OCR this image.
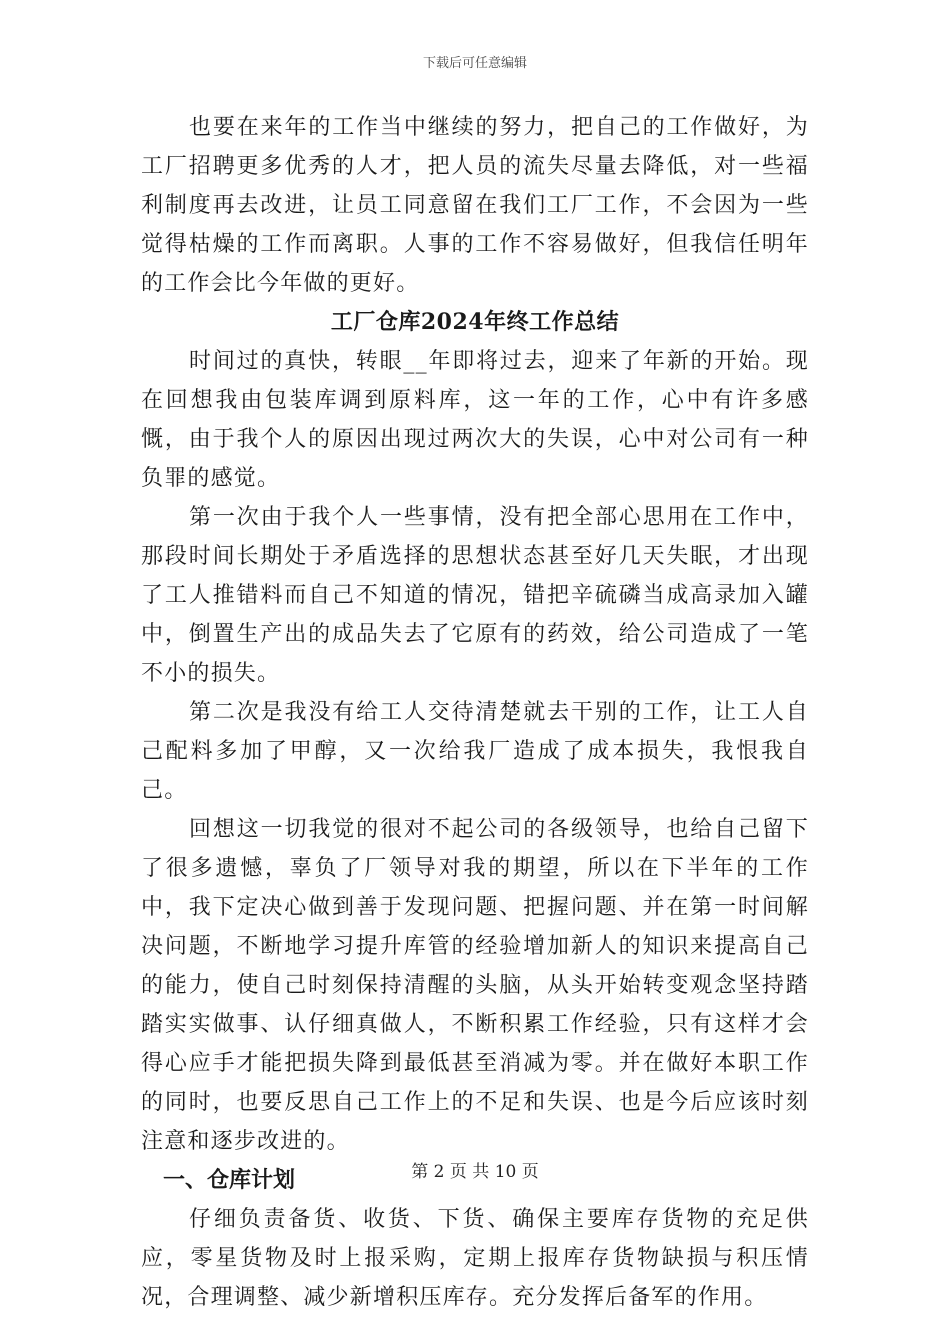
下载后可任意编辑

也要在来年的工作当中继续的努力，把自己的工作做好，为工厂招聘更多优秀的人才，把人员的流失尽量去降低，对一些福利制度再去改进，让员工同意留在我们工厂工作，不会因为一些觉得枯燥的工作而离职。人事的工作不容易做好，但我信任明年的工作会比今年做的更好。

工厂仓库2024年终工作总结

时间过的真快，转眼__年即将过去，迎来了年新的开始。现在回想我由包装库调到原料库，这一年的工作，心中有许多感慨，由于我个人的原因出现过两次大的失误，心中对公司有一种负罪的感觉。

第一次由于我个人一些事情，没有把全部心思用在工作中，那段时间长期处于矛盾选择的思想状态甚至好几天失眠，才出现了工人推错料而自己不知道的情况，错把辛硫磷当成高录加入罐中，倒置生产出的成品失去了它原有的药效，给公司造成了一笔不小的损失。

第二次是我没有给工人交待清楚就去干别的工作，让工人自己配料多加了甲醇，又一次给我厂造成了成本损失，我恨我自己。

回想这一切我觉的很对不起公司的各级领导，也给自己留下了很多遗憾，辜负了厂领导对我的期望，所以在下半年的工作中，我下定决心做到善于发现问题、把握问题、并在第一时间解决问题，不断地学习提升库管的经验增加新人的知识来提高自己的能力，使自己时刻保持清醒的头脑，从头开始转变观念坚持踏踏实实做事、认仔细真做人，不断积累工作经验，只有这样才会得心应手才能把损失降到最低甚至消减为零。并在做好本职工作的同时，也要反思自己工作上的不足和失误、也是今后应该时刻注意和逐步改进的。

一、仓库计划

仔细负责备货、收货、下货、确保主要库存货物的充足供应，零星货物及时上报采购，定期上报库存货物缺损与积压情况，合理调整、减少新增积压库存。充分发挥后备军的作用。

第 2 页 共 10 页
